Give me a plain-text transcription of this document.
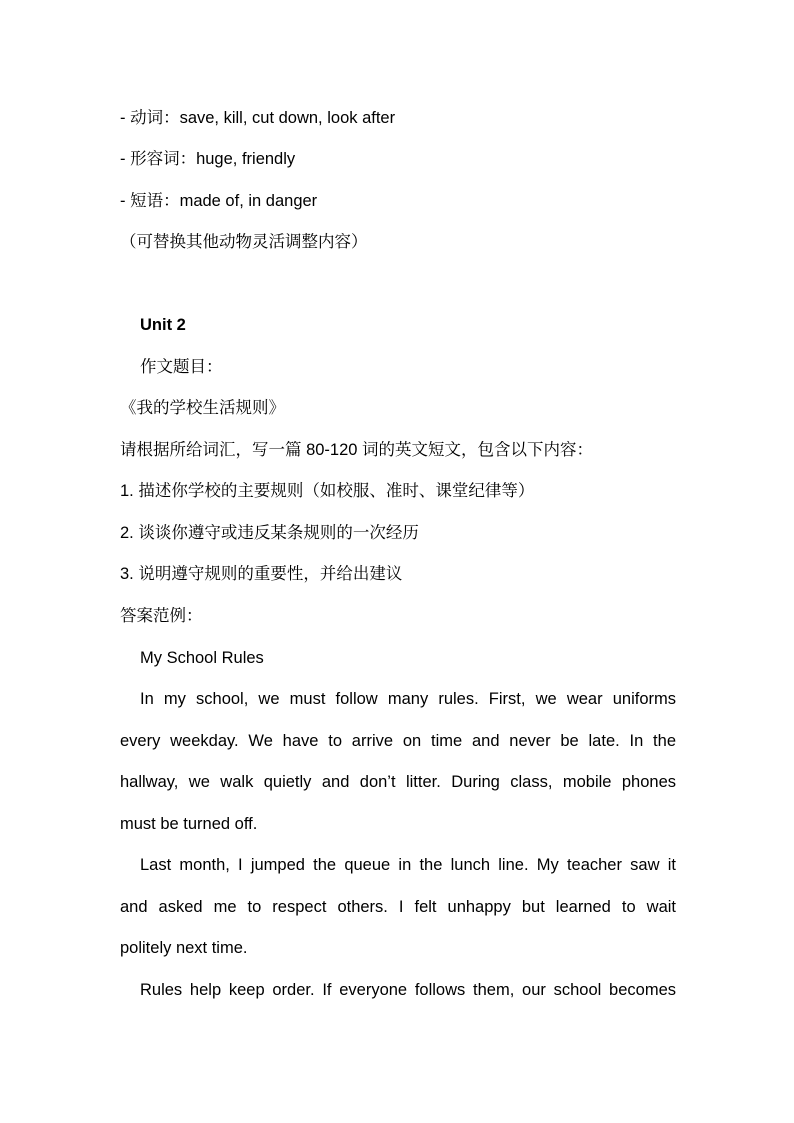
- 动词：save, kill, cut down, look after
- 形容词：huge, friendly
- 短语：made of, in danger
（可替换其他动物灵活调整内容）
Unit 2
作文题目：
《我的学校生活规则》
请根据所给词汇，写一篇 80-120 词的英文短文，包含以下内容：
1. 描述你学校的主要规则（如校服、准时、课堂纪律等）
2. 谈谈你遵守或违反某条规则的一次经历
3. 说明遵守规则的重要性，并给出建议
答案范例：
My School Rules
In my school, we must follow many rules. First, we wear uniforms
every weekday. We have to arrive on time and never be late. In the
hallway, we walk quietly and don’t litter. During class, mobile phones
must be turned off.
Last month, I jumped the queue in the lunch line. My teacher saw it
and asked me to respect others. I felt unhappy but learned to wait
politely next time.
Rules help keep order. If everyone follows them, our school becomes
